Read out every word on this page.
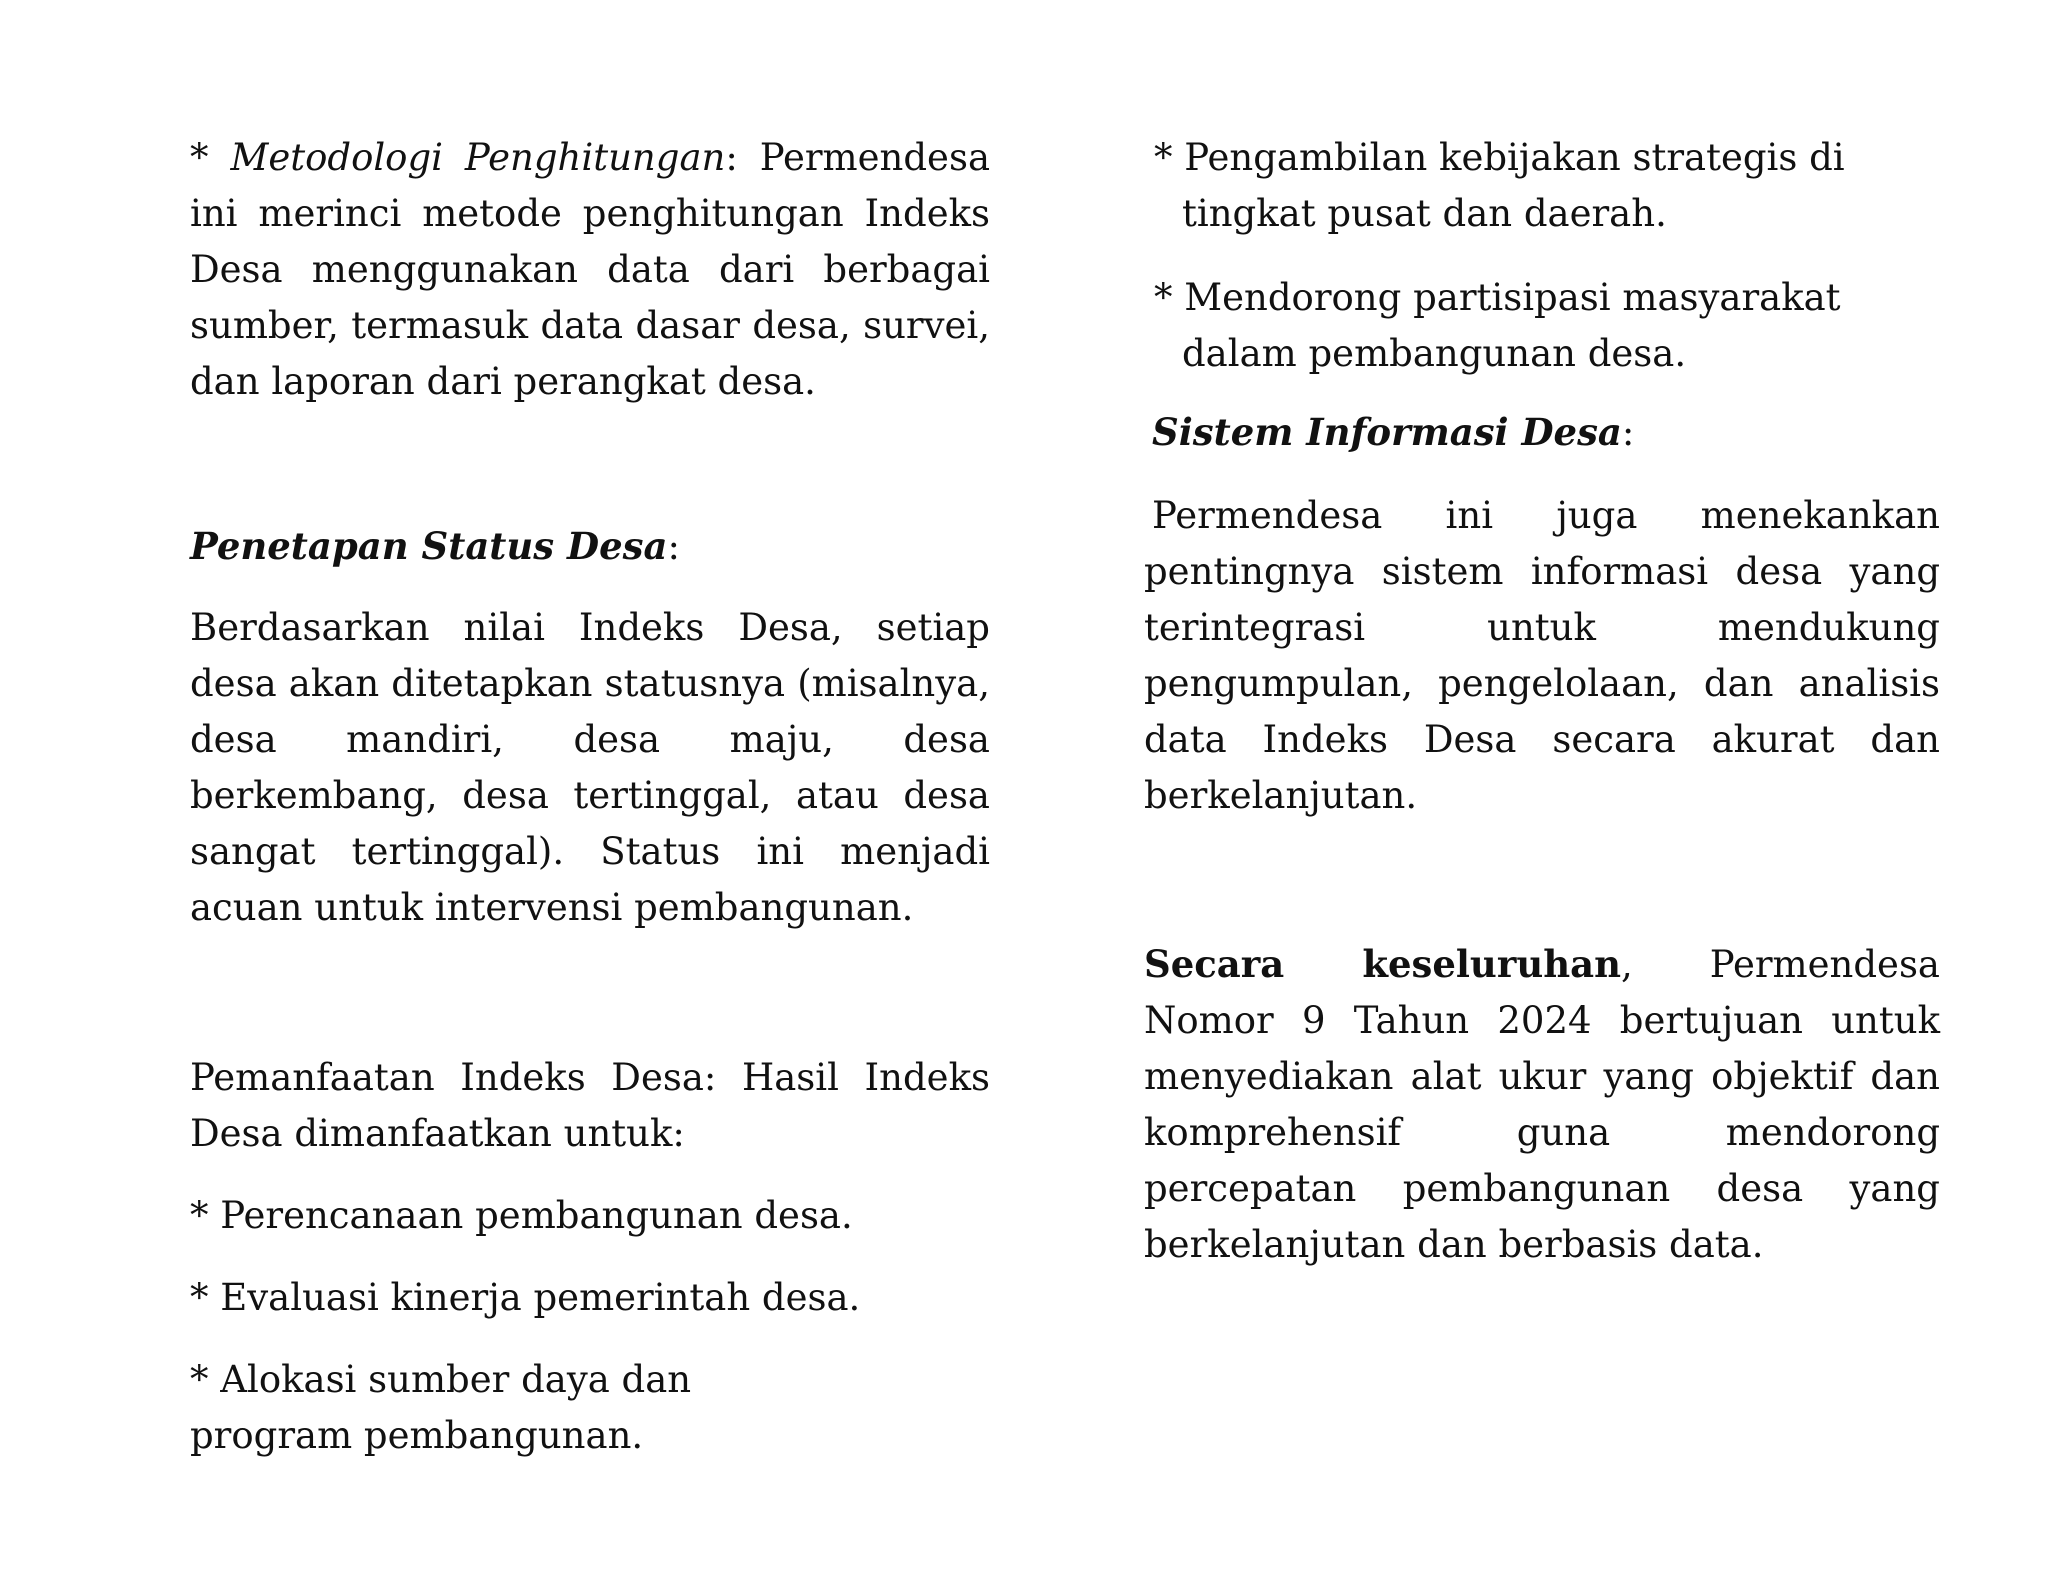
* Metodologi Penghitungan: Permendesa ini merinci metode penghitungan Indeks Desa menggunakan data dari berbagai sumber, termasuk data dasar desa, survei, dan laporan dari perangkat desa.

Penetapan Status Desa:

Berdasarkan nilai Indeks Desa, setiap desa akan ditetapkan statusnya (misalnya, desa mandiri, desa maju, desa berkembang, desa tertinggal, atau desa sangat tertinggal). Status ini menjadi acuan untuk intervensi pembangunan.

Pemanfaatan Indeks Desa: Hasil Indeks Desa dimanfaatkan untuk:

* Perencanaan pembangunan desa.

* Evaluasi kinerja pemerintah desa.

* Alokasi sumber daya dan program pembangunan.

* Pengambilan kebijakan strategis di tingkat pusat dan daerah.

* Mendorong partisipasi masyarakat dalam pembangunan desa.

Sistem Informasi Desa:

Permendesa ini juga menekankan pentingnya sistem informasi desa yang terintegrasi untuk mendukung pengumpulan, pengelolaan, dan analisis data Indeks Desa secara akurat dan berkelanjutan.

Secara keseluruhan, Permendesa Nomor 9 Tahun 2024 bertujuan untuk menyediakan alat ukur yang objektif dan komprehensif guna mendorong percepatan pembangunan desa yang berkelanjutan dan berbasis data.
